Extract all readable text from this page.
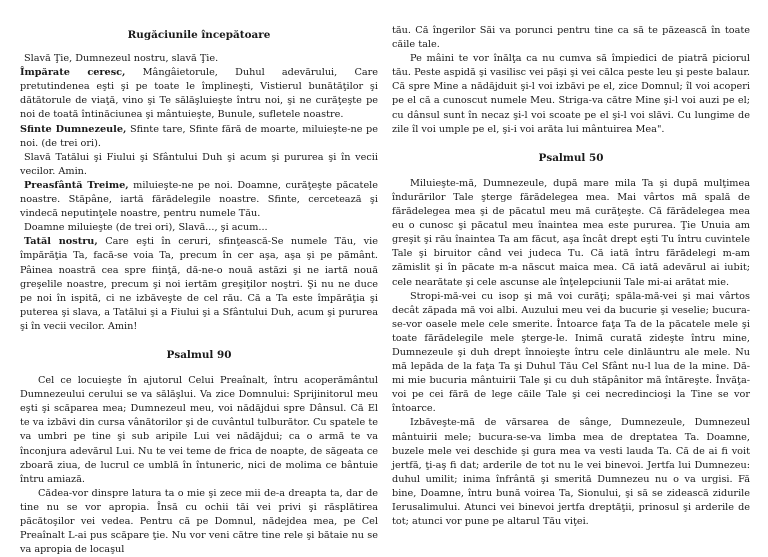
Rugăciunile începătoare

Slavă Ţie, Dumnezeul nostru, slavă Ţie.

Împărate ceresc, Mângâietorule, Duhul adevărului, Care pretutindenea eşti şi pe toate le împlineşti, Vistierul bunătăţilor şi dătătorule de viaţă, vino şi Te sălăşluieşte întru noi, şi ne curăţeşte pe noi de toată întinăciunea şi mântuieşte, Bunule, sufletele noastre.

Sfinte Dumnezeule, Sfinte tare, Sfinte fără de moarte, miluieşte-ne pe noi. (de trei ori).

Slavă Tatălui şi Fiului şi Sfântului Duh şi acum şi pururea şi în vecii vecilor. Amin.

Preasfântă Treime, miluieşte-ne pe noi. Doamne, curăţeşte păcatele noastre. Stăpâne, iartă fărădelegile noastre. Sfinte, cercetează şi vindecă neputinţele noastre, pentru numele Tău.

Doamne miluieşte (de trei ori), Slavă..., şi acum...

Tatăl nostru, Care eşti în ceruri, sfinţească-Se numele Tău, vie împărăţia Ta, facă-se voia Ta, precum în cer aşa, aşa şi pe pământ. Pâinea noastră cea spre fiinţă, dă-ne-o nouă astăzi şi ne iartă nouă greşelile noastre, precum şi noi iertăm greşiţilor noştri. Şi nu ne duce pe noi în ispită, ci ne izbăveşte de cel rău. Că a Ta este împărăţia şi puterea şi slava, a Tatălui şi a Fiului şi a Sfântului Duh, acum şi pururea şi în vecii vecilor. Amin!

Psalmul 90

Cel ce locuieşte în ajutorul Celui Preaînalt, întru acoperământul Dumnezeului cerului se va sălăşlui. Va zice Domnului: Sprijinitorul meu eşti şi scăparea mea; Dumnezeul meu, voi nădăjdui spre Dânsul. Că El te va izbăvi din cursa vânătorilor şi de cuvântul tulburător. Cu spatele te va umbri pe tine şi sub aripile Lui vei nădăjdui; ca o armă te va înconjura adevărul Lui. Nu te vei teme de frica de noapte, de săgeata ce zboară ziua, de lucrul ce umblă în întuneric, nici de molima ce bântuie întru amiază.

Cădea-vor dinspre latura ta o mie şi zece mii de-a dreapta ta, dar de tine nu se vor apropia. Însă cu ochii tăi vei privi şi răsplătirea păcătoşilor vei vedea. Pentru că pe Domnul, nădejdea mea, pe Cel Preaînalt L-ai pus scăpare ţie. Nu vor veni către tine rele şi bătaie nu se va apropia de locaşul

tău. Că îngerilor Săi va porunci pentru tine ca să te păzească în toate căile tale.

Pe mâini te vor înălţa ca nu cumva să împiedici de piatră piciorul tău. Peste aspidă şi vasilisc vei păşi şi vei călca peste leu şi peste balaur. Că spre Mine a nădăjduit şi-l voi izbăvi pe el, zice Domnul; îl voi acoperi pe el că a cunoscut numele Meu. Striga-va către Mine şi-l voi auzi pe el; cu dânsul sunt în necaz şi-l voi scoate pe el şi-l voi slăvi. Cu lungime de zile îl voi umple pe el, şi-i voi arăta lui mântuirea Mea".

Psalmul 50

Miluieşte-mă, Dumnezeule, după mare mila Ta şi după mulţimea îndurărilor Tale şterge fărădelegea mea. Mai vârtos mă spală de fărădelegea mea şi de păcatul meu mă curăţeşte. Că fărădelegea mea eu o cunosc şi păcatul meu înaintea mea este pururea. Ţie Unuia am greşit şi rău înaintea Ta am făcut, aşa încât drept eşti Tu întru cuvintele Tale şi biruitor când vei judeca Tu. Că iată întru fărădelegi m-am zămislit şi în păcate m-a născut maica mea. Că iată adevărul ai iubit; cele nearătate şi cele ascunse ale înţelepciunii Tale mi-ai arătat mie.

Stropi-mă-vei cu isop şi mă voi curăţi; spăla-mă-vei şi mai vârtos decât zăpada mă voi albi. Auzului meu vei da bucurie şi veselie; bucura-se-vor oasele mele cele smerite. Întoarce faţa Ta de la păcatele mele şi toate fărădelegile mele şterge-le. Inimă curată zideşte întru mine, Dumnezeule şi duh drept înnoieşte întru cele dinlăuntru ale mele. Nu mă lepăda de la faţa Ta şi Duhul Tău Cel Sfânt nu-l lua de la mine. Dă-mi mie bucuria mântuirii Tale şi cu duh stăpânitor mă întăreşte. Învăţa-voi pe cei fără de lege căile Tale şi cei necredincioşi la Tine se vor întoarce.

Izbăveşte-mă de vărsarea de sânge, Dumnezeule, Dumnezeul mântuirii mele; bucura-se-va limba mea de dreptatea Ta. Doamne, buzele mele vei deschide şi gura mea va vesti lauda Ta. Că de ai fi voit jertfă, ţi-aş fi dat; arderile de tot nu le vei binevoi. Jertfa lui Dumnezeu: duhul umilit; inima înfrântă şi smerită Dumnezeu nu o va urgisi. Fă bine, Doamne, întru bună voirea Ta, Sionului, şi să se zidească zidurile Ierusalimului. Atunci vei binevoi jertfa dreptăţii, prinosul şi arderile de tot; atunci vor pune pe altarul Tău viţei.
